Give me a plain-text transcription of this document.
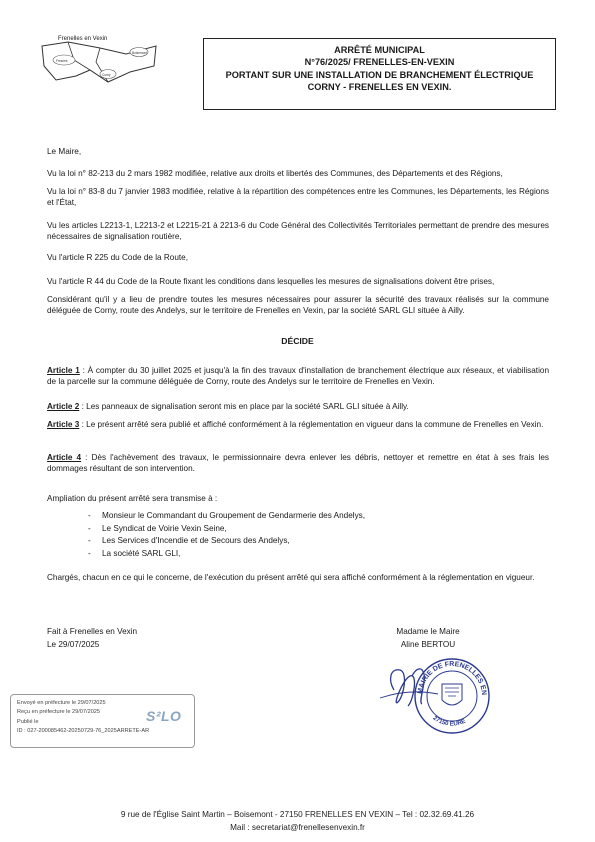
Frenelles en Vexin
Fresnes
Boisemont
Corny
ARRÊTÉ MUNICIPAL
N°76/2025/ FRENELLES-EN-VEXIN
PORTANT SUR UNE INSTALLATION DE BRANCHEMENT ÉLECTRIQUE
CORNY - FRENELLES EN VEXIN.
Le Maire,
Vu la loi n° 82-213 du 2 mars 1982 modifiée, relative aux droits et libertés des Communes, des Départements et des Régions,
Vu la loi n° 83-8 du 7 janvier 1983 modifiée, relative à la répartition des compétences entre les Communes, les Départements, les Régions et l'État,
Vu les articles L2213-1, L2213-2 et L2215-21 à 2213-6 du Code Général des Collectivités Territoriales permettant de prendre des mesures nécessaires de signalisation routière,
Vu l'article R 225 du Code de la Route,
Vu l'article R 44 du Code de la Route fixant les conditions dans lesquelles les mesures de signalisations doivent être prises,
Considérant qu'il y a lieu de prendre toutes les mesures nécessaires pour assurer la sécurité des travaux réalisés sur la commune déléguée de Corny, route des Andelys, sur le territoire de Frenelles en Vexin, par la société SARL GLI située à Ailly.
DÉCIDE
Article 1 : À compter du 30 juillet 2025 et jusqu'à la fin des travaux d'installation de branchement électrique aux réseaux, et viabilisation de la parcelle sur la commune déléguée de Corny, route des Andelys sur le territoire de Frenelles en Vexin.
Article 2 : Les panneaux de signalisation seront mis en place par la société SARL GLI située à Ailly.
Article 3 : Le présent arrêté sera publié et affiché conformément à la réglementation en vigueur dans la commune de Frenelles en Vexin.
Article 4 : Dès l'achèvement des travaux, le permissionnaire devra enlever les débris, nettoyer et remettre en état à ses frais les dommages résultant de son intervention.
Ampliation du présent arrêté sera transmise à :
- Monsieur le Commandant du Groupement de Gendarmerie des Andelys,
- Le Syndicat de Voirie Vexin Seine,
- Les Services d'Incendie et de Secours des Andelys,
- La société SARL GLI,
Chargés, chacun en ce qui le concerne, de l'exécution du présent arrêté qui sera affiché conformément à la réglementation en vigueur.
Fait à Frenelles en Vexin
Le 29/07/2025
Madame le Maire
Aline BERTOU
MAIRIE DE FRENELLES EN
27150 EURE
Envoyé en préfecture le 29/07/2025
Reçu en préfecture le 29/07/2025
Publié le
ID : 027-200085462-20250729-76_2025ARRETE-AR
S²LO
9 rue de l'Église Saint Martin – Boisemont - 27150 FRENELLES EN VEXIN – Tel : 02.32.69.41.26
Mail : secretariat@frenellesenvexin.fr
